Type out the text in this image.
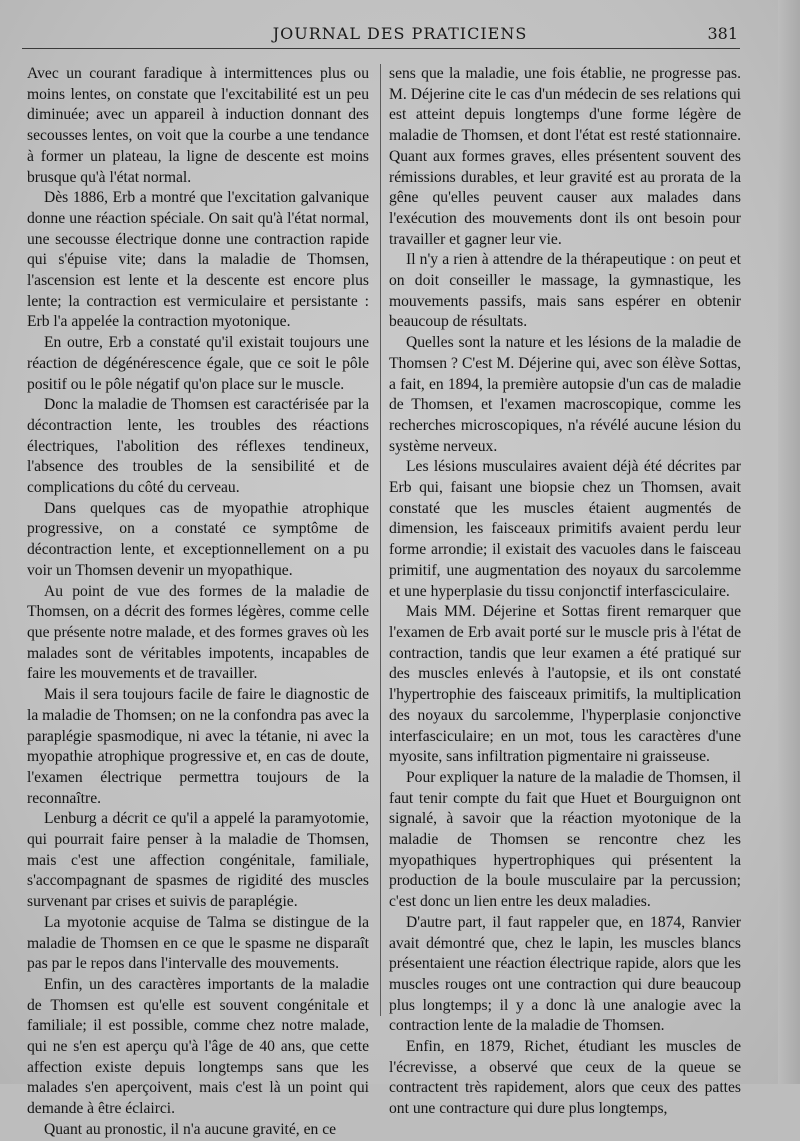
JOURNAL DES PRATICIENS	381

Avec un courant faradique à intermittences plus ou moins lentes, on constate que l'excitabilité est un peu diminuée; avec un appareil à induction donnant des secousses lentes, on voit que la courbe a une tendance à former un plateau, la ligne de descente est moins brusque qu'à l'état normal.

Dès 1886, Erb a montré que l'excitation galvanique donne une réaction spéciale. On sait qu'à l'état normal, une secousse électrique donne une contraction rapide qui s'épuise vite; dans la maladie de Thomsen, l'ascension est lente et la descente est encore plus lente; la contraction est vermiculaire et persistante : Erb l'a appelée la contraction myotonique.

En outre, Erb a constaté qu'il existait toujours une réaction de dégénérescence égale, que ce soit le pôle positif ou le pôle négatif qu'on place sur le muscle.

Donc la maladie de Thomsen est caractérisée par la décontraction lente, les troubles des réactions électriques, l'abolition des réflexes tendineux, l'absence des troubles de la sensibilité et de complications du côté du cerveau.

Dans quelques cas de myopathie atrophique progressive, on a constaté ce symptôme de décontraction lente, et exceptionnellement on a pu voir un Thomsen devenir un myopathique.

Au point de vue des formes de la maladie de Thomsen, on a décrit des formes légères, comme celle que présente notre malade, et des formes graves où les malades sont de véritables impotents, incapables de faire les mouvements et de travailler.

Mais il sera toujours facile de faire le diagnostic de la maladie de Thomsen; on ne la confondra pas avec la paraplégie spasmodique, ni avec la tétanie, ni avec la myopathie atrophique progressive et, en cas de doute, l'examen électrique permettra toujours de la reconnaître.

Lenburg a décrit ce qu'il a appelé la paramyotomie, qui pourrait faire penser à la maladie de Thomsen, mais c'est une affection congénitale, familiale, s'accompagnant de spasmes de rigidité des muscles survenant par crises et suivis de paraplégie.

La myotonie acquise de Talma se distingue de la maladie de Thomsen en ce que le spasme ne disparaît pas par le repos dans l'intervalle des mouvements.

Enfin, un des caractères importants de la maladie de Thomsen est qu'elle est souvent congénitale et familiale; il est possible, comme chez notre malade, qui ne s'en est aperçu qu'à l'âge de 40 ans, que cette affection existe depuis longtemps sans que les malades s'en aperçoivent, mais c'est là un point qui demande à être éclairci.

Quant au pronostic, il n'a aucune gravité, en ce

sens que la maladie, une fois établie, ne progresse pas. M. Déjerine cite le cas d'un médecin de ses relations qui est atteint depuis longtemps d'une forme légère de maladie de Thomsen, et dont l'état est resté stationnaire. Quant aux formes graves, elles présentent souvent des rémissions durables, et leur gravité est au prorata de la gêne qu'elles peuvent causer aux malades dans l'exécution des mouvements dont ils ont besoin pour travailler et gagner leur vie.

Il n'y a rien à attendre de la thérapeutique : on peut et on doit conseiller le massage, la gymnastique, les mouvements passifs, mais sans espérer en obtenir beaucoup de résultats.

Quelles sont la nature et les lésions de la maladie de Thomsen ? C'est M. Déjerine qui, avec son élève Sottas, a fait, en 1894, la première autopsie d'un cas de maladie de Thomsen, et l'examen macroscopique, comme les recherches microscopiques, n'a révélé aucune lésion du système nerveux.

Les lésions musculaires avaient déjà été décrites par Erb qui, faisant une biopsie chez un Thomsen, avait constaté que les muscles étaient augmentés de dimension, les faisceaux primitifs avaient perdu leur forme arrondie; il existait des vacuoles dans le faisceau primitif, une augmentation des noyaux du sarcolemme et une hyperplasie du tissu conjonctif interfasciculaire.

Mais MM. Déjerine et Sottas firent remarquer que l'examen de Erb avait porté sur le muscle pris à l'état de contraction, tandis que leur examen a été pratiqué sur des muscles enlevés à l'autopsie, et ils ont constaté l'hypertrophie des faisceaux primitifs, la multiplication des noyaux du sarcolemme, l'hyperplasie conjonctive interfasciculaire; en un mot, tous les caractères d'une myosite, sans infiltration pigmentaire ni graisseuse.

Pour expliquer la nature de la maladie de Thomsen, il faut tenir compte du fait que Huet et Bourguignon ont signalé, à savoir que la réaction myotonique de la maladie de Thomsen se rencontre chez les myopathiques hypertrophiques qui présentent la production de la boule musculaire par la percussion; c'est donc un lien entre les deux maladies.

D'autre part, il faut rappeler que, en 1874, Ranvier avait démontré que, chez le lapin, les muscles blancs présentaient une réaction électrique rapide, alors que les muscles rouges ont une contraction qui dure beaucoup plus longtemps; il y a donc là une analogie avec la contraction lente de la maladie de Thomsen.

Enfin, en 1879, Richet, étudiant les muscles de l'écrevisse, a observé que ceux de la queue se contractent très rapidement, alors que ceux des pattes ont une contracture qui dure plus longtemps,
